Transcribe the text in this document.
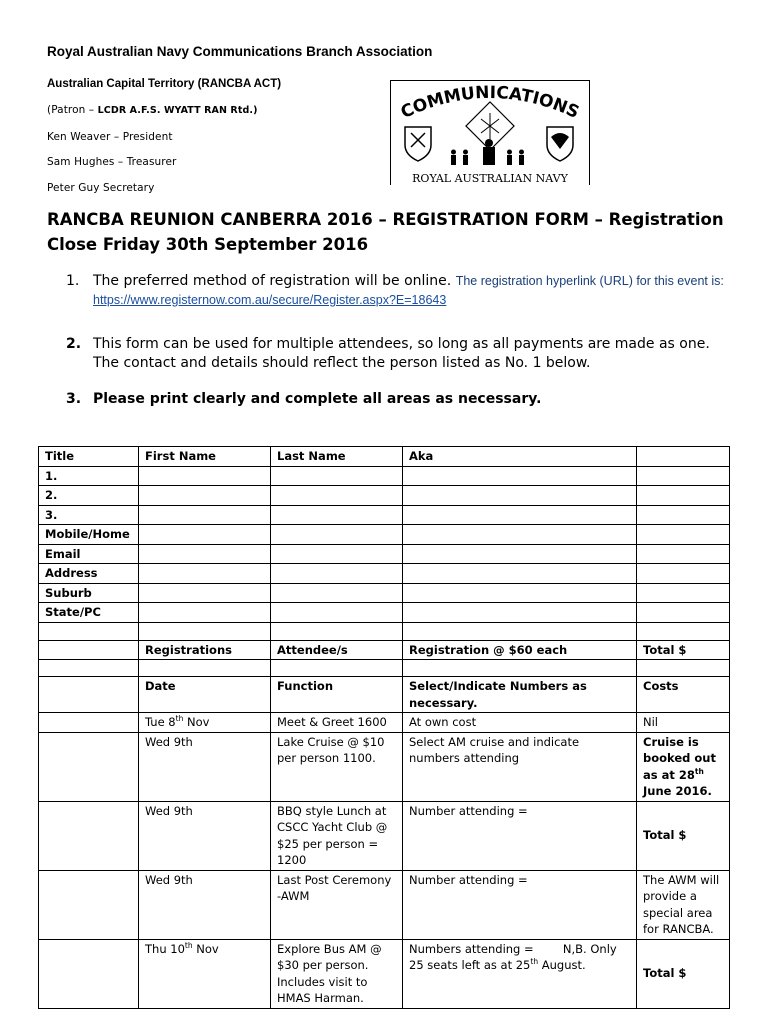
Royal Australian Navy Communications Branch Association
Australian Capital Territory (RANCBA ACT)
(Patron – LCDR A.F.S. WYATT RAN Rtd.)
Ken Weaver – President
Sam Hughes – Treasurer
Peter Guy Secretary
COMMUNICATIONS
ROYAL AUSTRALIAN NAVY
RANCBA REUNION CANBERRA 2016 – REGISTRATION FORM – Registration Close Friday 30th September 2016
1. The preferred method of registration will be online. The registration hyperlink (URL) for this event is:
https://www.registernow.com.au/secure/Register.aspx?E=18643
2. This form can be used for multiple attendees, so long as all payments are made as one. The contact and details should reflect the person listed as No. 1 below.
3. Please print clearly and complete all areas as necessary.
Title	First Name	Last Name	Aka	
1.				
2.				
3.				
Mobile/Home				
Email				
Address				
Suburb				
State/PC				

	Registrations	Attendee/s	Registration @ $60 each	Total $

	Date	Function	Select/Indicate Numbers as necessary.	Costs
	Tue 8th Nov	Meet & Greet 1600	At own cost	Nil
	Wed 9th	Lake Cruise @ $10 per person 1100.	Select AM cruise and indicate numbers attending	Cruise is booked out as at 28th June 2016.
	Wed 9th	BBQ style Lunch at CSCC Yacht Club @ $25 per person = 1200	Number attending =	Total $
	Wed 9th	Last Post Ceremony -AWM	Number attending =	The AWM will provide a special area for RANCBA.
	Thu 10th Nov	Explore Bus AM @ $30 per person. Includes visit to HMAS Harman.	Numbers attending = N,B. Only 25 seats left as at 25th August.	Total $
